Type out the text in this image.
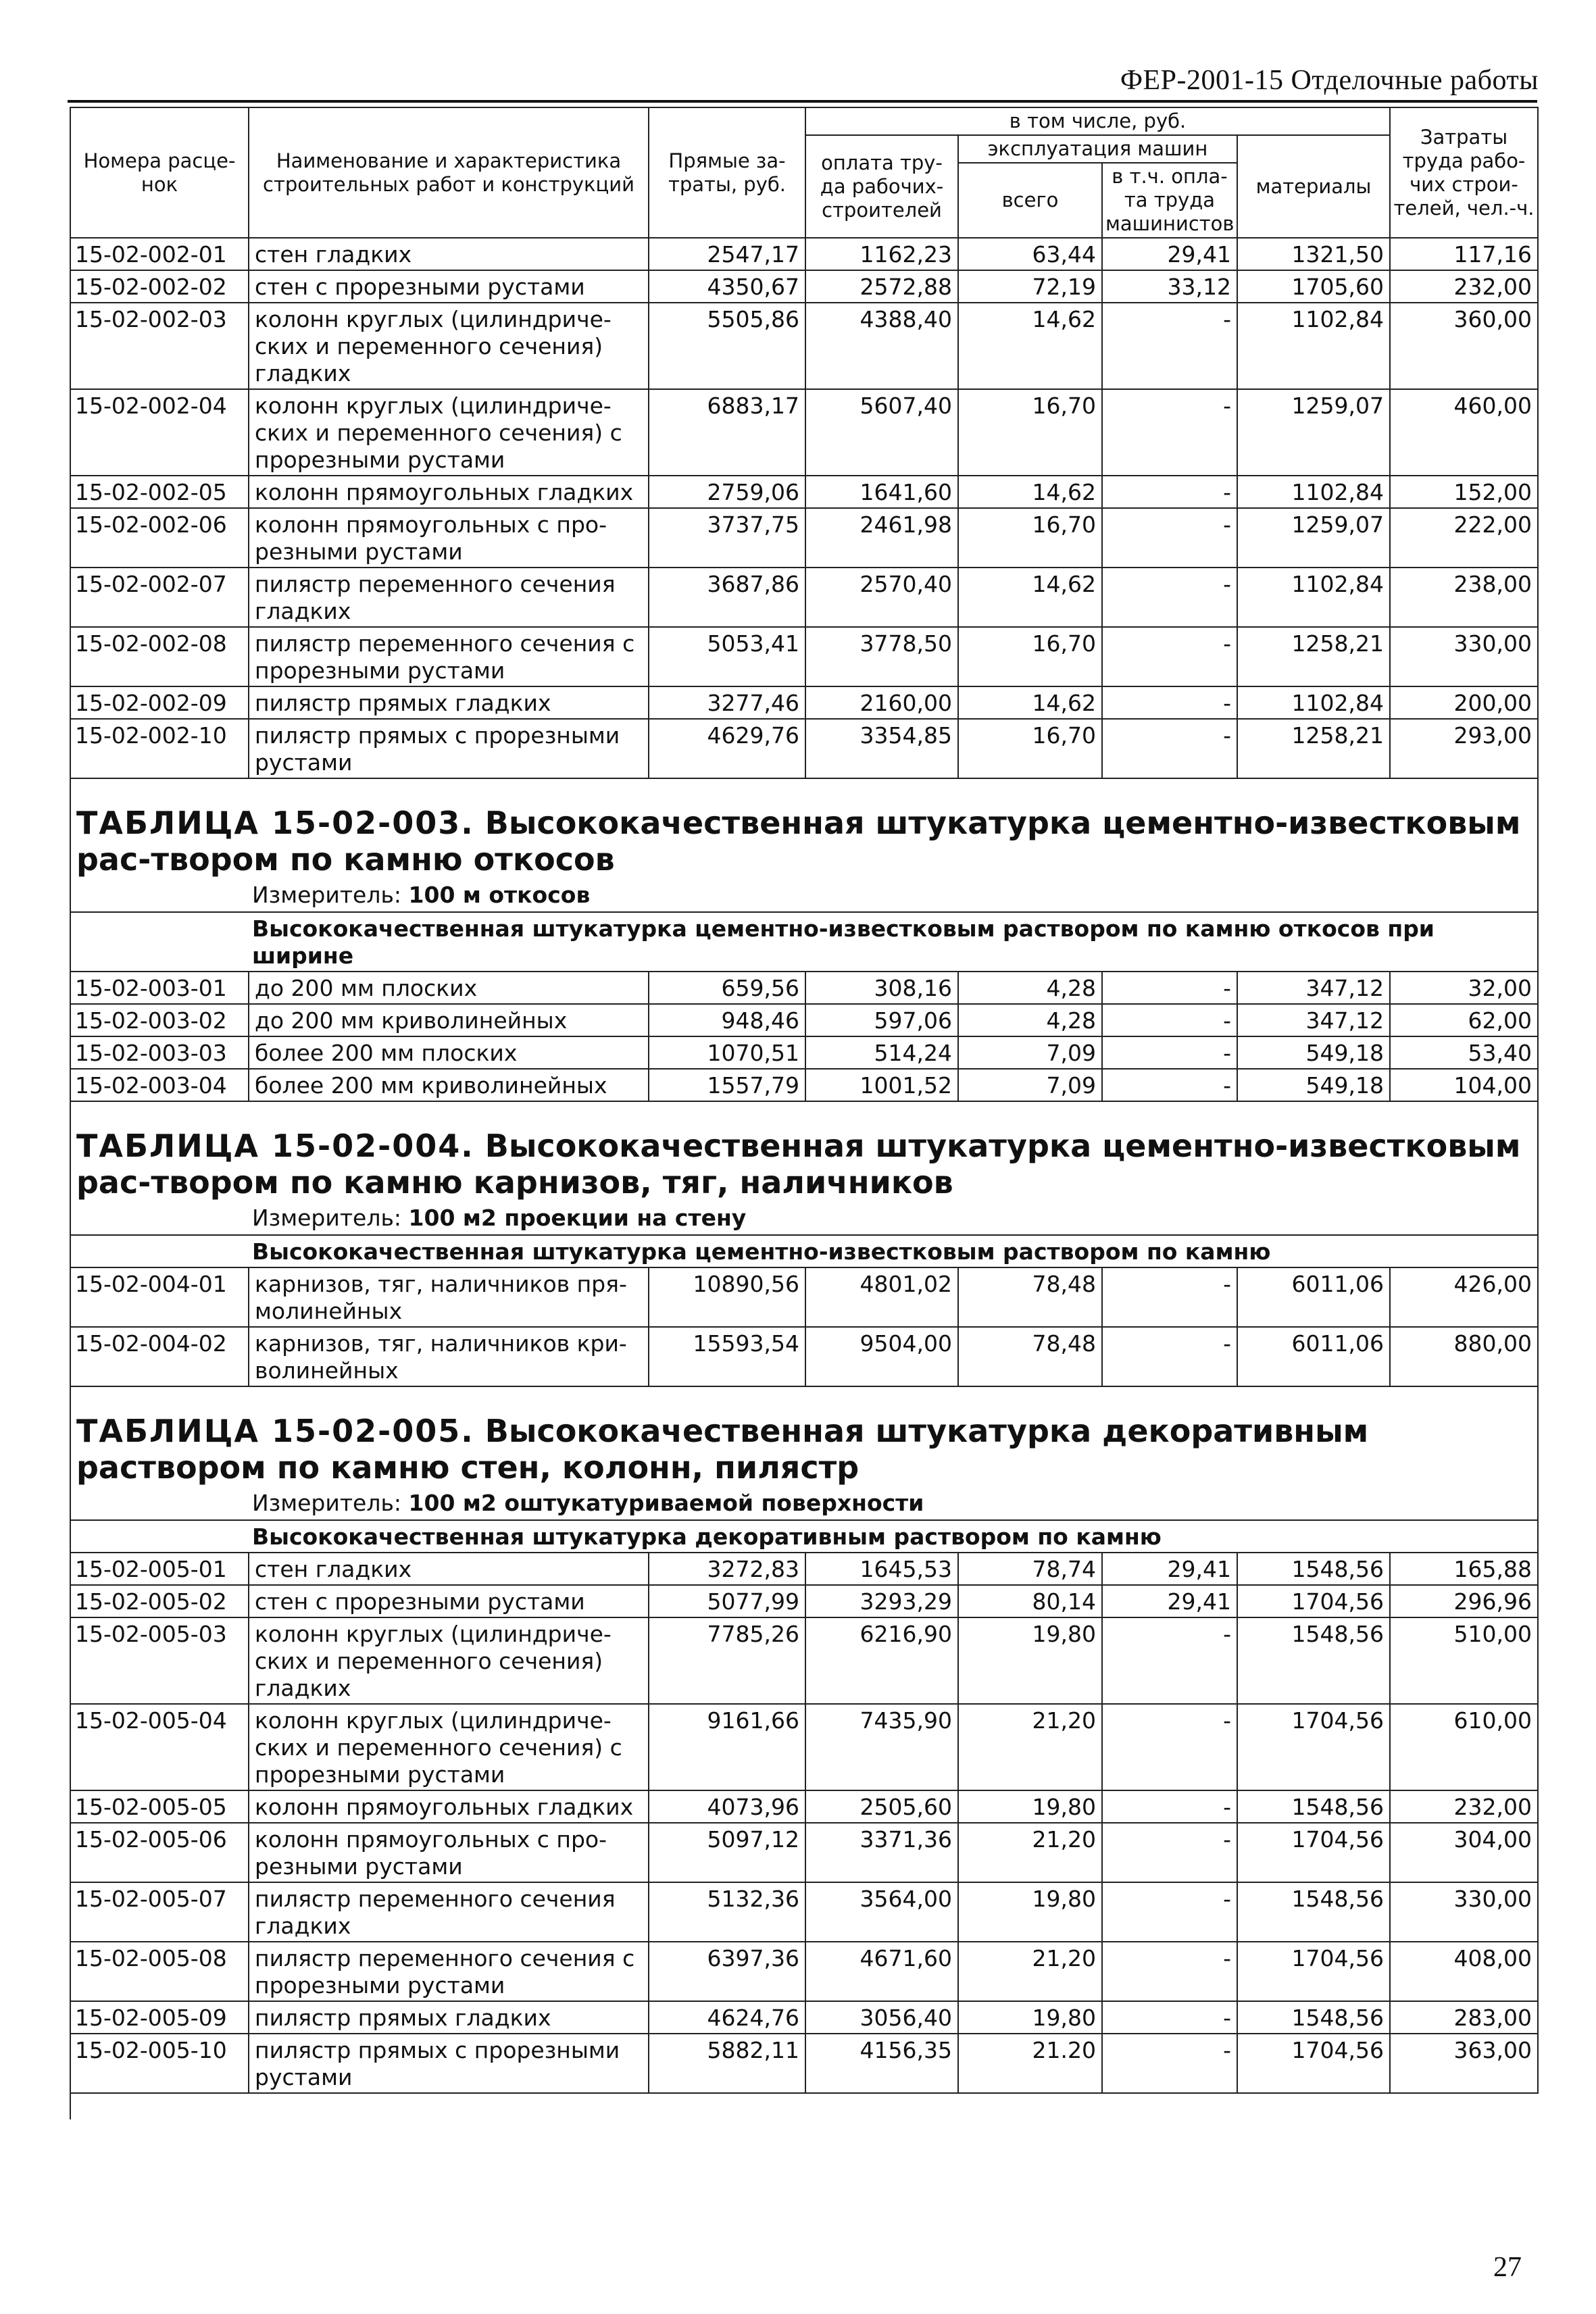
ФЕР-2001-15 Отделочные работы
Номера расце-нок	Наименование и характеристика строительных работ и конструкций	Прямые за-траты, руб.	в том числе, руб.				Затраты труда рабо-чих строи-телей, чел.-ч.
			оплата тру-да рабочих-строителей	эксплуатация машин		материалы	
				всего	в т.ч. опла-та труда машинистов		
15-02-002-01	стен гладких	2547,17	1162,23	63,44	29,41	1321,50	117,16
15-02-002-02	стен с прорезными рустами	4350,67	2572,88	72,19	33,12	1705,60	232,00
15-02-002-03	колонн круглых (цилиндриче-ских и переменного сечения) гладких	5505,86	4388,40	14,62	-	1102,84	360,00
15-02-002-04	колонн круглых (цилиндриче-ских и переменного сечения) с прорезными рустами	6883,17	5607,40	16,70	-	1259,07	460,00
15-02-002-05	колонн прямоугольных гладких	2759,06	1641,60	14,62	-	1102,84	152,00
15-02-002-06	колонн прямоугольных с про-резными рустами	3737,75	2461,98	16,70	-	1259,07	222,00
15-02-002-07	пилястр переменного сечения гладких	3687,86	2570,40	14,62	-	1102,84	238,00
15-02-002-08	пилястр переменного сечения с прорезными рустами	5053,41	3778,50	16,70	-	1258,21	330,00
15-02-002-09	пилястр прямых гладких	3277,46	2160,00	14,62	-	1102,84	200,00
15-02-002-10	пилястр прямых с прорезными рустами	4629,76	3354,85	16,70	-	1258,21	293,00

ТАБЛИЦА 15-02-003. Высококачественная штукатурка цементно-известковым рас-твором по камню откосов							
Измеритель: 100 м откосов							
Высококачественная штукатурка цементно-известковым раствором по камню откосов при ширине							
15-02-003-01	до 200 мм плоских	659,56	308,16	4,28	-	347,12	32,00
15-02-003-02	до 200 мм криволинейных	948,46	597,06	4,28	-	347,12	62,00
15-02-003-03	более 200 мм плоских	1070,51	514,24	7,09	-	549,18	53,40
15-02-003-04	более 200 мм криволинейных	1557,79	1001,52	7,09	-	549,18	104,00

ТАБЛИЦА 15-02-004. Высококачественная штукатурка цементно-известковым рас-твором по камню карнизов, тяг, наличников							
Измеритель: 100 м2 проекции на стену							
Высококачественная штукатурка цементно-известковым раствором по камню							
15-02-004-01	карнизов, тяг, наличников пря-молинейных	10890,56	4801,02	78,48	-	6011,06	426,00
15-02-004-02	карнизов, тяг, наличников кри-волинейных	15593,54	9504,00	78,48	-	6011,06	880,00

ТАБЛИЦА 15-02-005. Высококачественная штукатурка декоративным раствором по камню стен, колонн, пилястр							
Измеритель: 100 м2 оштукатуриваемой поверхности							
Высококачественная штукатурка декоративным раствором по камню							
15-02-005-01	стен гладких	3272,83	1645,53	78,74	29,41	1548,56	165,88
15-02-005-02	стен с прорезными рустами	5077,99	3293,29	80,14	29,41	1704,56	296,96
15-02-005-03	колонн круглых (цилиндриче-ских и переменного сечения) гладких	7785,26	6216,90	19,80	-	1548,56	510,00
15-02-005-04	колонн круглых (цилиндриче-ских и переменного сечения) с прорезными рустами	9161,66	7435,90	21,20	-	1704,56	610,00
15-02-005-05	колонн прямоугольных гладких	4073,96	2505,60	19,80	-	1548,56	232,00
15-02-005-06	колонн прямоугольных с про-резными рустами	5097,12	3371,36	21,20	-	1704,56	304,00
15-02-005-07	пилястр переменного сечения гладких	5132,36	3564,00	19,80	-	1548,56	330,00
15-02-005-08	пилястр переменного сечения с прорезными рустами	6397,36	4671,60	21,20	-	1704,56	408,00
15-02-005-09	пилястр прямых гладких	4624,76	3056,40	19,80	-	1548,56	283,00
15-02-005-10	пилястр прямых с прорезными рустами	5882,11	4156,35	21.20	-	1704,56	363,00

27
